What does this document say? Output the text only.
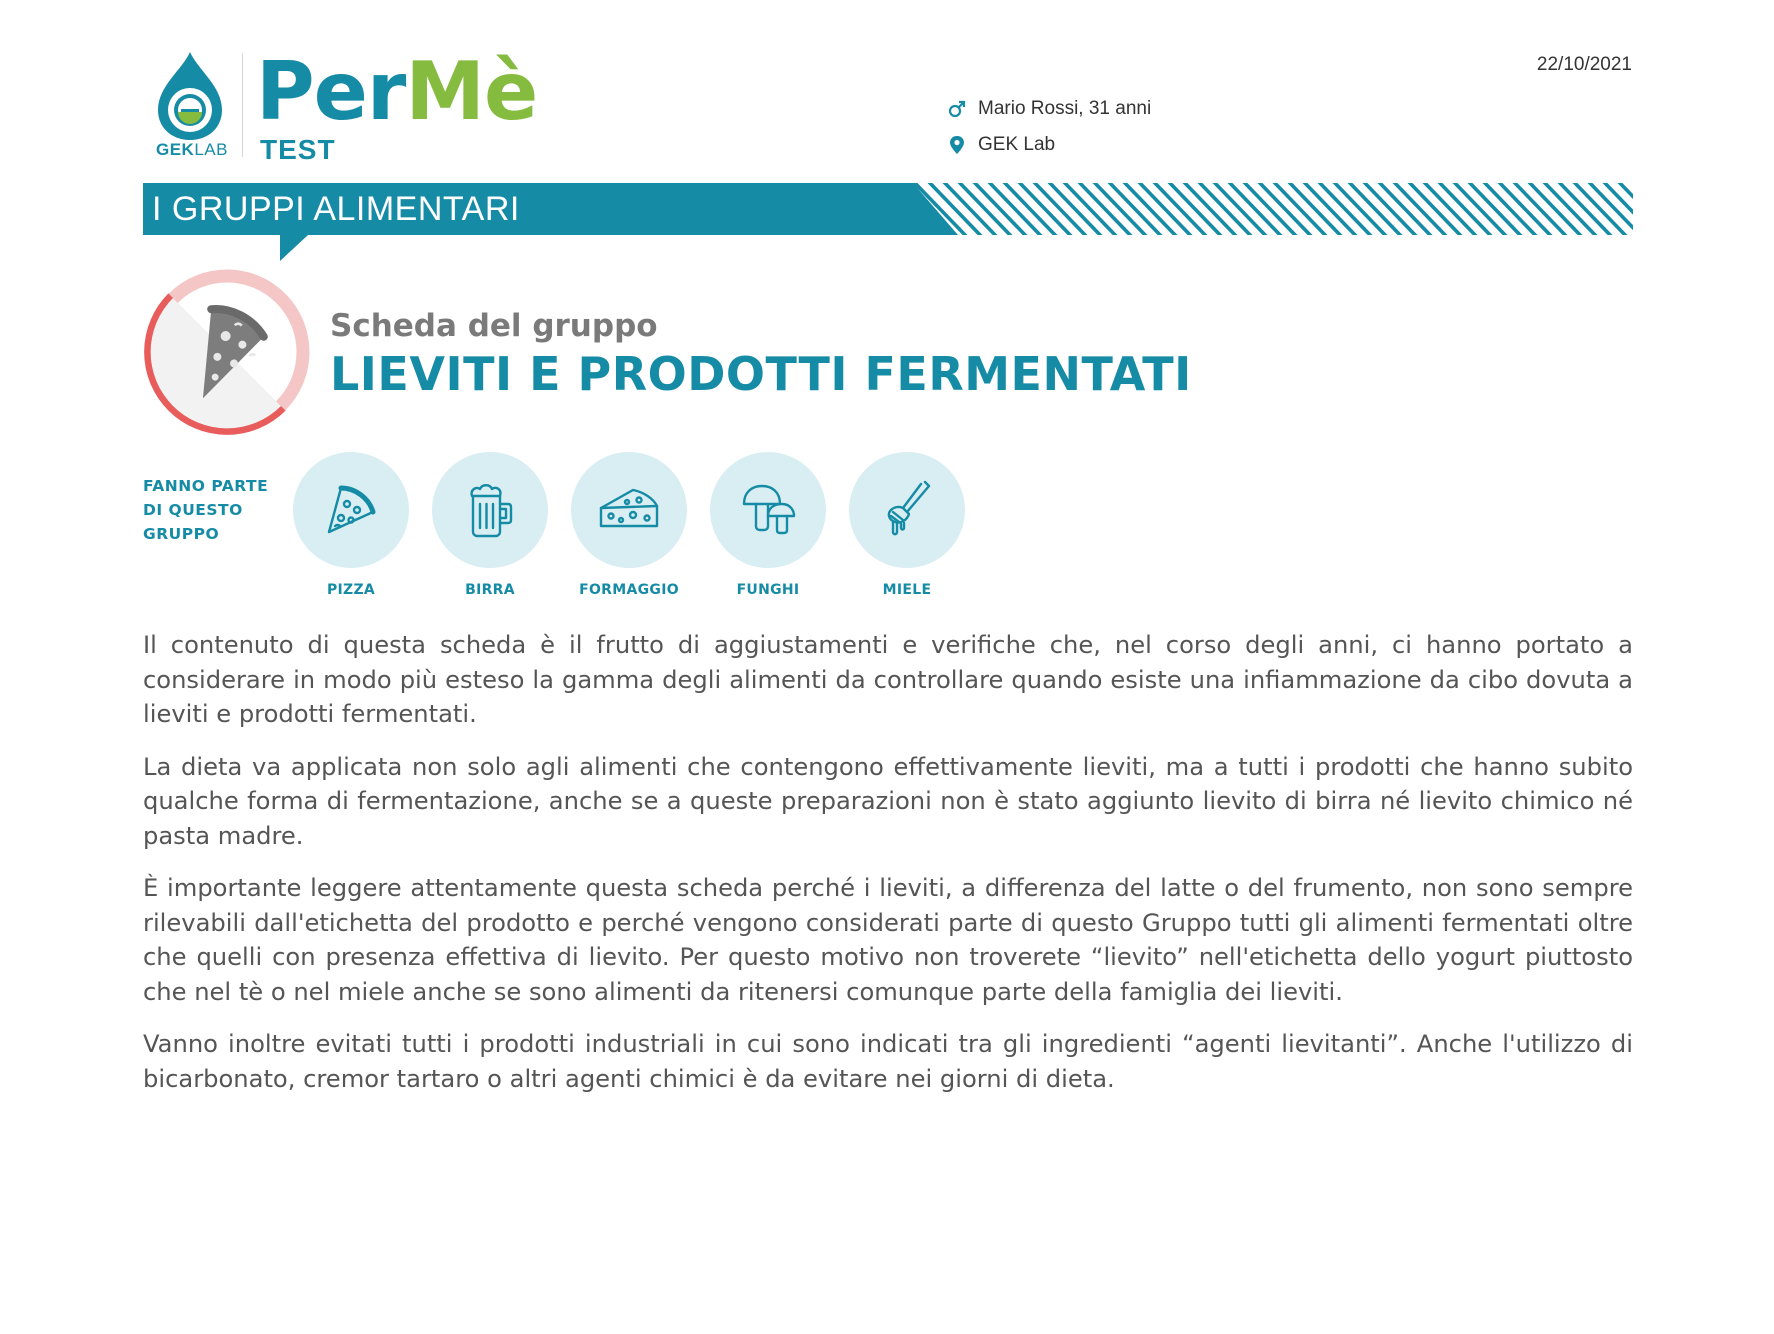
GEKLAB
PerMè
TEST
22/10/2021
Mario Rossi, 31 anni
GEK Lab
I GRUPPI ALIMENTARI
Scheda del gruppo
LIEVITI E PRODOTTI FERMENTATI
FANNO PARTE DI QUESTO GRUPPO
PIZZA	BIRRA	FORMAGGIO	FUNGHI	MIELE

Il contenuto di questa scheda è il frutto di aggiustamenti e verifiche che, nel corso degli anni, ci hanno portato a considerare in modo più esteso la gamma degli alimenti da controllare quando esiste una infiammazione da cibo dovuta a lieviti e prodotti fermentati.

La dieta va applicata non solo agli alimenti che contengono effettivamente lieviti, ma a tutti i prodotti che hanno subito qualche forma di fermentazione, anche se a queste preparazioni non è stato aggiunto lievito di birra né lievito chimico né pasta madre.

È importante leggere attentamente questa scheda perché i lieviti, a differenza del latte o del frumento, non sono sempre rilevabili dall'etichetta del prodotto e perché vengono considerati parte di questo Gruppo tutti gli alimenti fermentati oltre che quelli con presenza effettiva di lievito. Per questo motivo non troverete “lievito” nell'etichetta dello yogurt piuttosto che nel tè o nel miele anche se sono alimenti da ritenersi comunque parte della famiglia dei lieviti.

Vanno inoltre evitati tutti i prodotti industriali in cui sono indicati tra gli ingredienti “agenti lievitanti”. Anche l'utilizzo di bicarbonato, cremor tartaro o altri agenti chimici è da evitare nei giorni di dieta.
